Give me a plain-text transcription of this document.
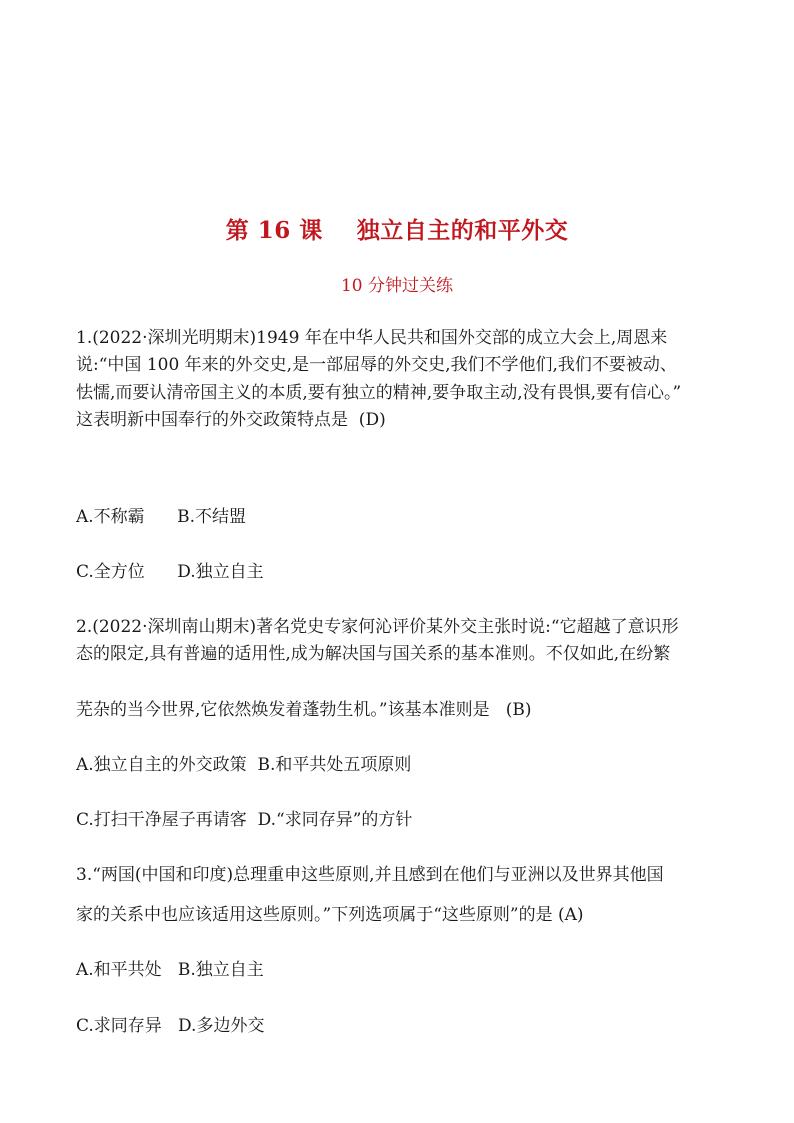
第 16 课    独立自主的和平外交
10 分钟过关练
1.(2022·深圳光明期末)1949 年在中华人民共和国外交部的成立大会上,周恩来
说:“中国 100 年来的外交史,是一部屈辱的外交史,我们不学他们,我们不要被动、
怯懦,而要认清帝国主义的本质,要有独立的精神,要争取主动,没有畏惧,要有信心。”
这表明新中国奉行的外交政策特点是  (D)
A.不称霸      B.不结盟
C.全方位      D.独立自主
2.(2022·深圳南山期末)著名党史专家何沁评价某外交主张时说:“它超越了意识形
态的限定,具有普遍的适用性,成为解决国与国关系的基本准则。不仅如此,在纷繁
芜杂的当今世界,它依然焕发着蓬勃生机。”该基本准则是   (B)
A.独立自主的外交政策  B.和平共处五项原则
C.打扫干净屋子再请客  D.“求同存异”的方针
3.“两国(中国和印度)总理重申这些原则,并且感到在他们与亚洲以及世界其他国
家的关系中也应该适用这些原则。”下列选项属于“这些原则”的是 (A)
A.和平共处   B.独立自主
C.求同存异   D.多边外交
